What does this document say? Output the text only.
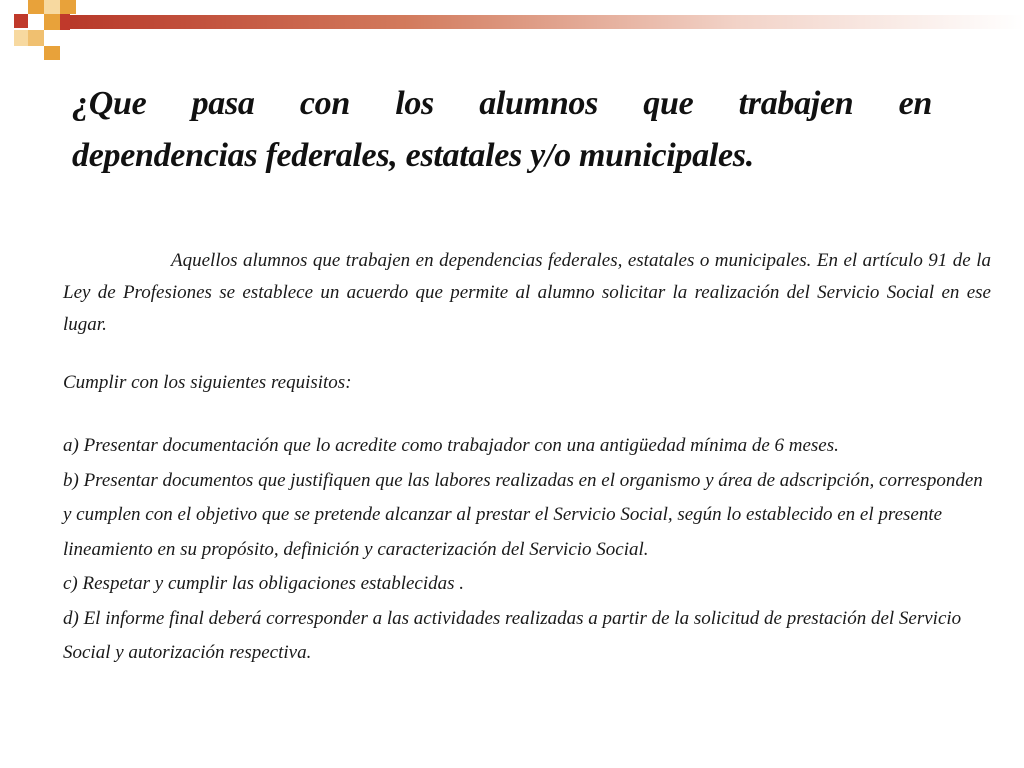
¿Que pasa con los alumnos que trabajen en
dependencias federales, estatales y/o municipales.

Aquellos alumnos que trabajen en dependencias federales, estatales o municipales. En el artículo 91 de la Ley de Profesiones se establece un acuerdo que permite al alumno solicitar la realización del Servicio Social en ese lugar.

Cumplir con los siguientes requisitos:

a) Presentar documentación que lo acredite como trabajador con una antigüedad mínima de 6 meses.
b) Presentar documentos que justifiquen que las labores realizadas en el organismo y área de adscripción, corresponden y cumplen con el objetivo que se pretende alcanzar al prestar el Servicio Social, según lo establecido en el presente lineamiento en su propósito, definición y caracterización del Servicio Social.
c) Respetar y cumplir las obligaciones establecidas .
d) El informe final deberá corresponder a las actividades realizadas a partir de la solicitud de prestación del Servicio Social y autorización respectiva.
